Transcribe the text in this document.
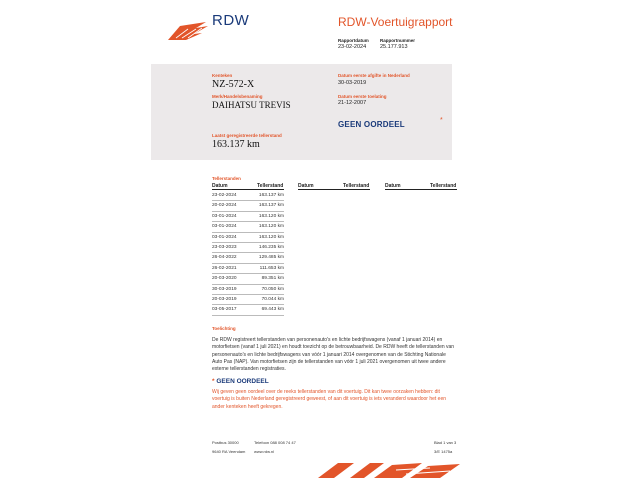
RDW	RDW-Voertuigrapport
Rapportdatum
23-02-2024
Rapportnummer
25.177.913
Kenteken
NZ-572-X
Merk/Handelsbenaming
DAIHATSU TREVIS
Laatst geregistreerde tellerstand
163.137 km
Datum eerste afgifte in Nederland
30-03-2019
Datum eerste toelating
21-12-2007
GEEN OORDEEL	*
Tellerstanden
Datum	Tellerstand	Datum	Tellerstand	Datum	Tellerstand
23-02-2024	163.137 km
20-02-2024	163.137 km
03-01-2024	163.120 km
03-01-2024	163.120 km
03-01-2024	163.120 km
23-03-2023	146.235 km
26-04-2022	129.485 km
26-02-2021	111.653 km
20-03-2020	89.351 km
30-03-2019	70.050 km
20-03-2019	70.044 km
03-05-2017	69.443 km
Toelichting
De RDW registreert tellerstanden van personenauto's en lichte bedrijfswagens (vanaf 1 januari 2014) en motorfietsen (vanaf 1 juli 2021) en houdt toezicht op de betrouwbaarheid. De RDW heeft de tellerstanden van personenauto's en lichte bedrijfswagens van vóór 1 januari 2014 overgenomen van de Stichting Nationale Auto Pas (NAP). Van motorfietsen zijn de tellerstanden van vóór 1 juli 2021 overgenomen uit twee andere externe tellerstanden registraties.
* GEEN OORDEEL
Wij geven geen oordeel over de reeks tellerstanden van dit voertuig. Dit kan twee oorzaken hebben: dit voertuig is buiten Nederland geregistreerd geweest, of aan dit voertuig is iets veranderd waardoor het een ander kenteken heeft gekregen.
Postbus 30000
9640 RA Veendam
Telefoon 088 008 74 47
www.rdw.nl
Blad 1 van 3
3/E 1475a
